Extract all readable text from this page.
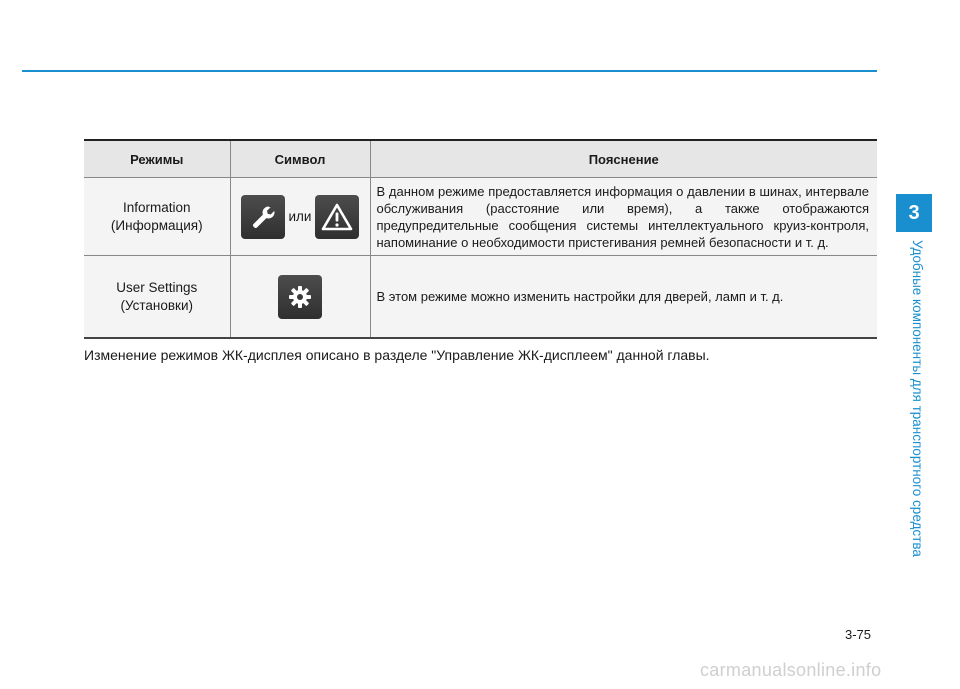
Режимы	Символ	Пояснение

Information
(Информация)	или	В данном режиме предоставляется информация о давлении в шинах, интервале обслуживания (расстояние или время), а также отображаются предупредительные сообщения системы интеллектуального круиз-контроля, напоминание о необходимости пристегивания ремней безопасности и т. д.

User Settings
(Установки)		В этом режиме можно изменить настройки для дверей, ламп и т. д.
Изменение режимов ЖК-дисплея описано в разделе "Управление ЖК-дисплеем" данной главы.
3
Удобные компоненты для транспортного средства
3-75
carmanualsonline.info
